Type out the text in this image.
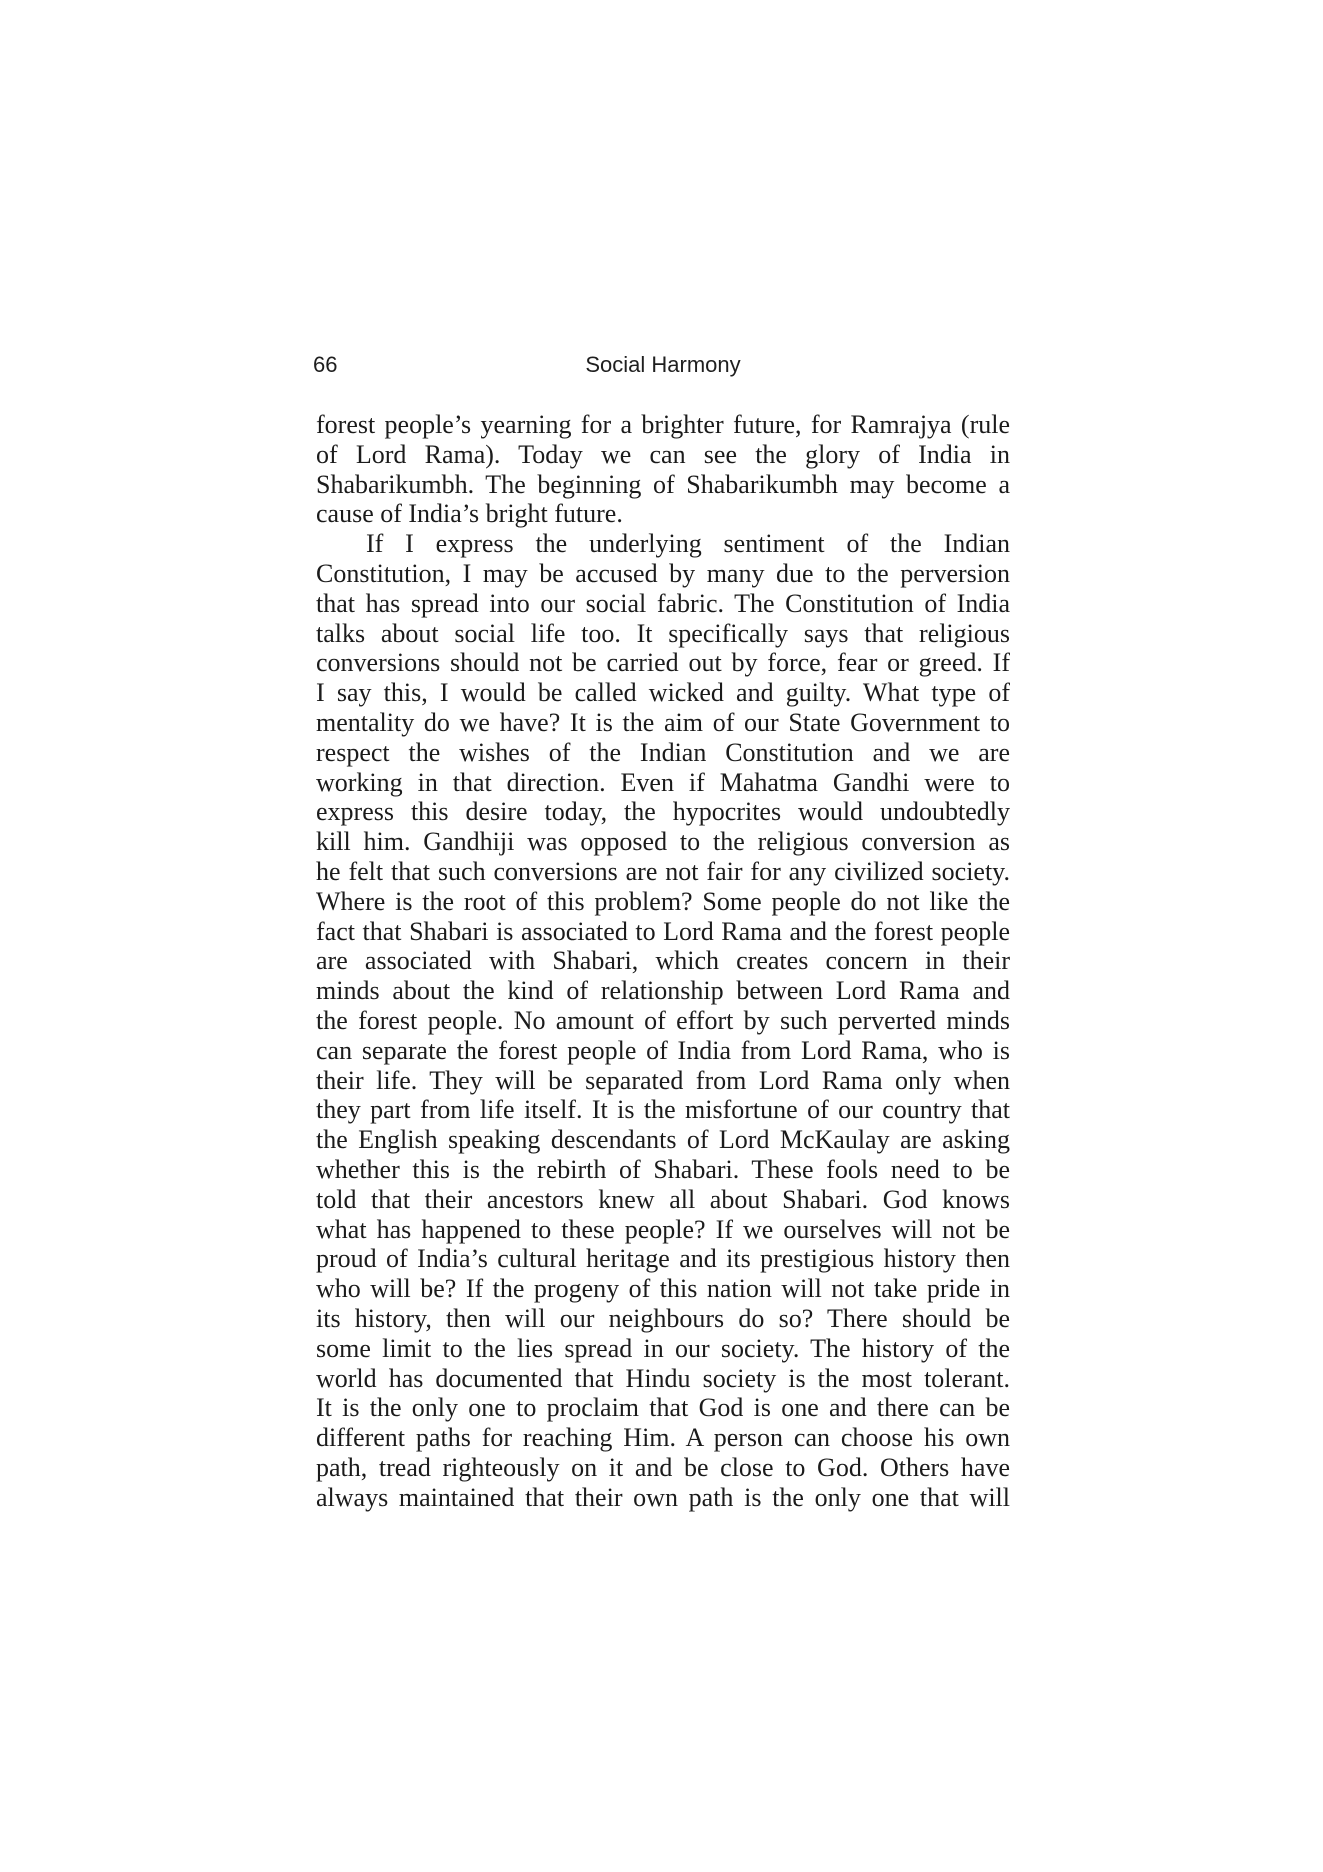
66	Social Harmony
forest people’s yearning for a brighter future, for Ramrajya (rule
of Lord Rama). Today we can see the glory of India in
Shabarikumbh. The beginning of Shabarikumbh may become a
cause of India’s bright future.
If I express the underlying sentiment of the Indian
Constitution, I may be accused by many due to the perversion
that has spread into our social fabric. The Constitution of India
talks about social life too. It specifically says that religious
conversions should not be carried out by force, fear or greed. If
I say this, I would be called wicked and guilty. What type of
mentality do we have? It is the aim of our State Government to
respect the wishes of the Indian Constitution and we are
working in that direction. Even if Mahatma Gandhi were to
express this desire today, the hypocrites would undoubtedly
kill him. Gandhiji was opposed to the religious conversion as
he felt that such conversions are not fair for any civilized society.
Where is the root of this problem? Some people do not like the
fact that Shabari is associated to Lord Rama and the forest people
are associated with Shabari, which creates concern in their
minds about the kind of relationship between Lord Rama and
the forest people. No amount of effort by such perverted minds
can separate the forest people of India from Lord Rama, who is
their life. They will be separated from Lord Rama only when
they part from life itself. It is the misfortune of our country that
the English speaking descendants of Lord McKaulay are asking
whether this is the rebirth of Shabari. These fools need to be
told that their ancestors knew all about Shabari. God knows
what has happened to these people? If we ourselves will not be
proud of India’s cultural heritage and its prestigious history then
who will be? If the progeny of this nation will not take pride in
its history, then will our neighbours do so? There should be
some limit to the lies spread in our society. The history of the
world has documented that Hindu society is the most tolerant.
It is the only one to proclaim that God is one and there can be
different paths for reaching Him. A person can choose his own
path, tread righteously on it and be close to God. Others have
always maintained that their own path is the only one that will
